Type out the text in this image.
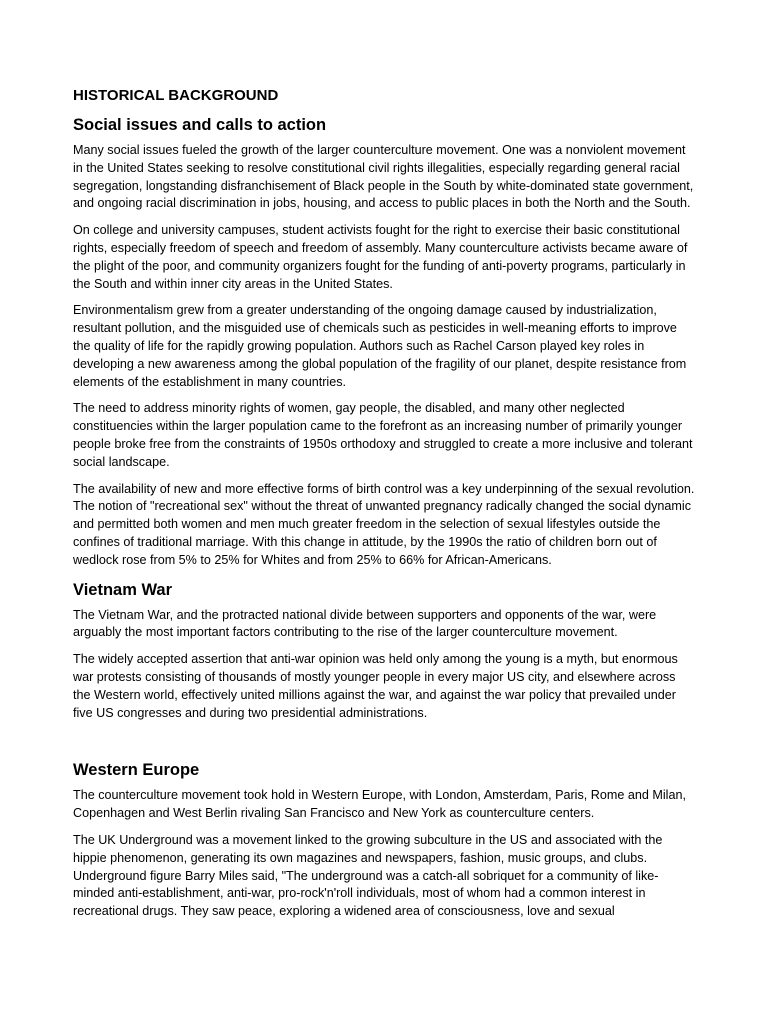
HISTORICAL BACKGROUND
Social issues and calls to action

Many social issues fueled the growth of the larger counterculture movement. One was a nonviolent movement in the United States seeking to resolve constitutional civil rights illegalities, especially regarding general racial segregation, longstanding disfranchisement of Black people in the South by white-dominated state government, and ongoing racial discrimination in jobs, housing, and access to public places in both the North and the South.

On college and university campuses, student activists fought for the right to exercise their basic constitutional rights, especially freedom of speech and freedom of assembly. Many counterculture activists became aware of the plight of the poor, and community organizers fought for the funding of anti-poverty programs, particularly in the South and within inner city areas in the United States.

Environmentalism grew from a greater understanding of the ongoing damage caused by industrialization, resultant pollution, and the misguided use of chemicals such as pesticides in well-meaning efforts to improve the quality of life for the rapidly growing population. Authors such as Rachel Carson played key roles in developing a new awareness among the global population of the fragility of our planet, despite resistance from elements of the establishment in many countries.

The need to address minority rights of women, gay people, the disabled, and many other neglected constituencies within the larger population came to the forefront as an increasing number of primarily younger people broke free from the constraints of 1950s orthodoxy and struggled to create a more inclusive and tolerant social landscape.

The availability of new and more effective forms of birth control was a key underpinning of the sexual revolution. The notion of "recreational sex" without the threat of unwanted pregnancy radically changed the social dynamic and permitted both women and men much greater freedom in the selection of sexual lifestyles outside the confines of traditional marriage. With this change in attitude, by the 1990s the ratio of children born out of wedlock rose from 5% to 25% for Whites and from 25% to 66% for African-Americans.

Vietnam War

The Vietnam War, and the protracted national divide between supporters and opponents of the war, were arguably the most important factors contributing to the rise of the larger counterculture movement.

The widely accepted assertion that anti-war opinion was held only among the young is a myth, but enormous war protests consisting of thousands of mostly younger people in every major US city, and elsewhere across the Western world, effectively united millions against the war, and against the war policy that prevailed under five US congresses and during two presidential administrations.

Western Europe

The counterculture movement took hold in Western Europe, with London, Amsterdam, Paris, Rome and Milan, Copenhagen and West Berlin rivaling San Francisco and New York as counterculture centers.

The UK Underground was a movement linked to the growing subculture in the US and associated with the hippie phenomenon, generating its own magazines and newspapers, fashion, music groups, and clubs. Underground figure Barry Miles said, "The underground was a catch-all sobriquet for a community of like-minded anti-establishment, anti-war, pro-rock'n'roll individuals, most of whom had a common interest in recreational drugs. They saw peace, exploring a widened area of consciousness, love and sexual
